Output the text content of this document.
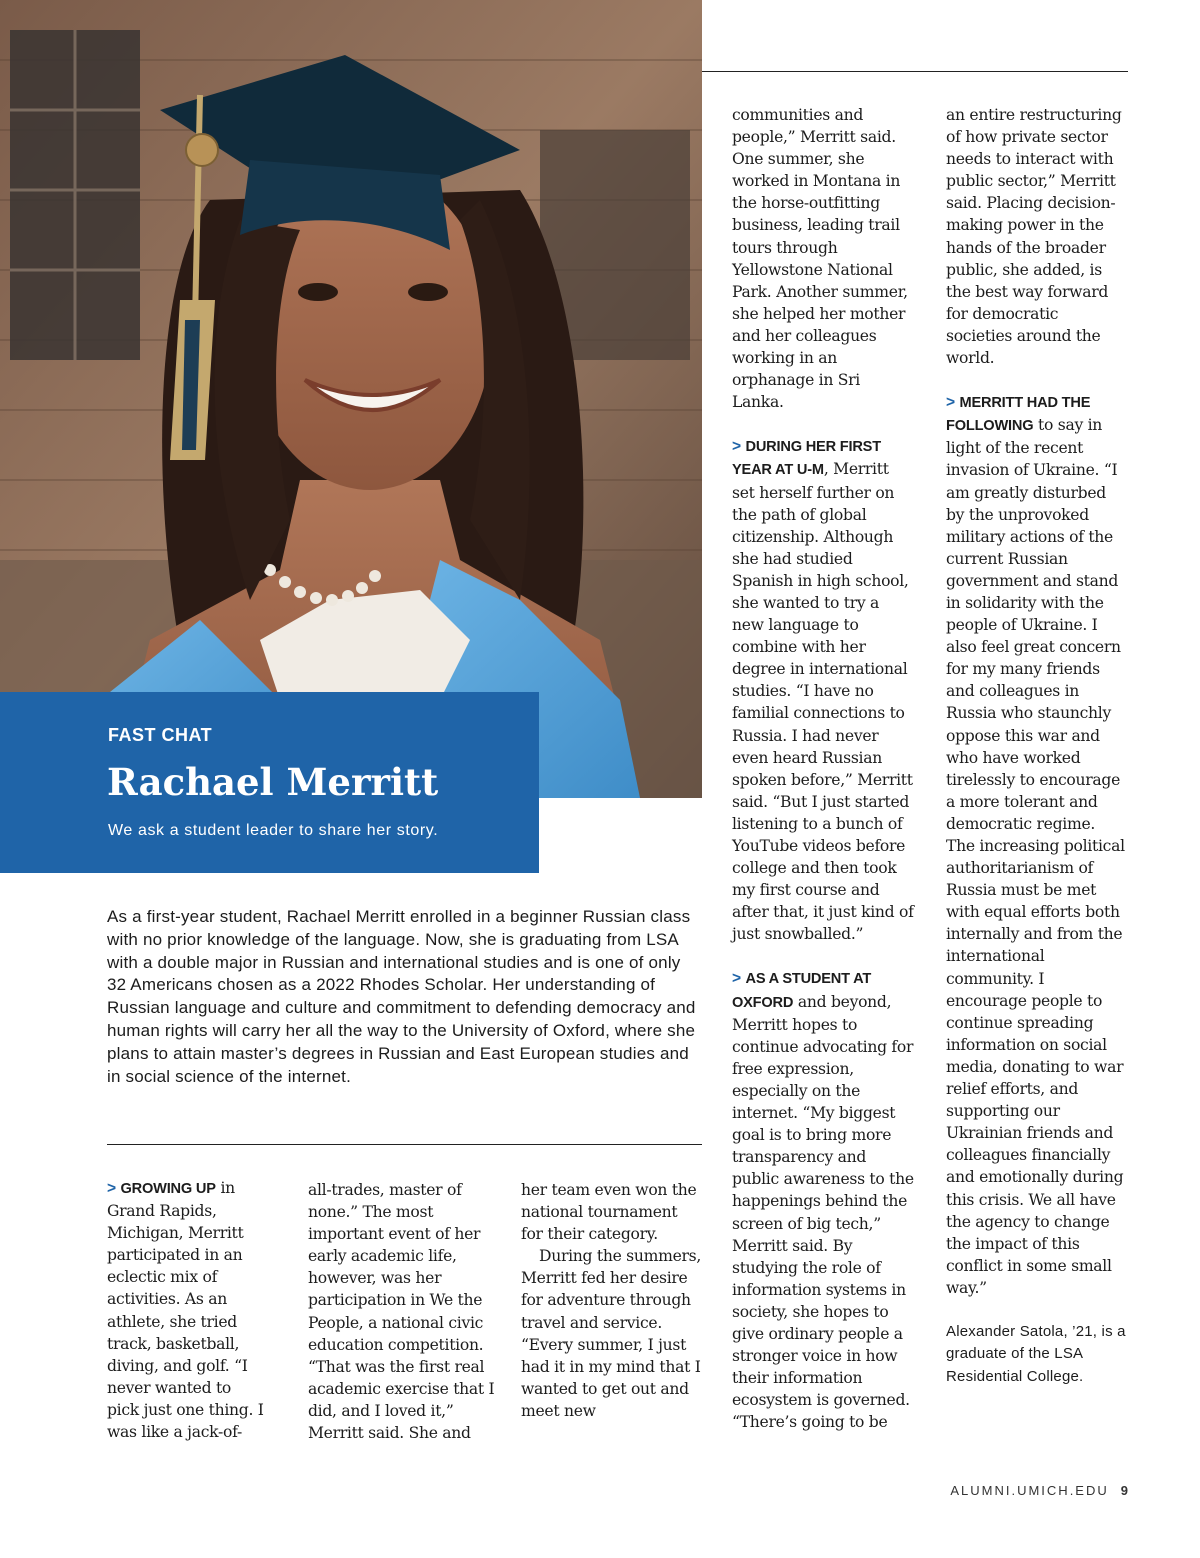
FAST CHAT
Rachael Merritt
We ask a student leader to share her story.

As a first-year student, Rachael Merritt enrolled in a beginner Russian class with no prior knowledge of the language. Now, she is graduating from LSA with a double major in Russian and international studies and is one of only 32 Americans chosen as a 2022 Rhodes Scholar. Her understanding of Russian language and culture and commitment to defending democracy and human rights will carry her all the way to the University of Oxford, where she plans to attain master’s degrees in Russian and East European studies and in social science of the internet.

> GROWING UP in Grand Rapids, Michigan, Merritt participated in an eclectic mix of activities. As an athlete, she tried track, basketball, diving, and golf. “I never wanted to pick just one thing. I was like a jack-of-

all-trades, master of none.” The most important event of her early academic life, however, was her participation in We the People, a national civic education competition. “That was the first real academic exercise that I did, and I loved it,” Merritt said. She and

her team even won the national tournament for their category.

During the summers, Merritt fed her desire for adventure through travel and service. “Every summer, I just had it in my mind that I wanted to get out and meet new

communities and people,” Merritt said. One summer, she worked in Montana in the horse-outfitting business, leading trail tours through Yellowstone National Park. Another summer, she helped her mother and her colleagues working in an orphanage in Sri Lanka.

> DURING HER FIRST YEAR AT U-M, Merritt set herself further on the path of global citizenship. Although she had studied Spanish in high school, she wanted to try a new language to combine with her degree in international studies. “I have no familial connections to Russia. I had never even heard Russian spoken before,” Merritt said. “But I just started listening to a bunch of YouTube videos before college and then took my first course and after that, it just kind of just snowballed.”

> AS A STUDENT AT OXFORD and beyond, Merritt hopes to continue advocating for free expression, especially on the internet. “My biggest goal is to bring more transparency and public awareness to the happenings behind the screen of big tech,” Merritt said. By studying the role of information systems in society, she hopes to give ordinary people a stronger voice in how their information ecosystem is governed. “There’s going to be

an entire restructuring of how private sector needs to interact with public sector,” Merritt said. Placing decision-making power in the hands of the broader public, she added, is the best way forward for democratic societies around the world.

> MERRITT HAD THE FOLLOWING to say in light of the recent invasion of Ukraine. “I am greatly disturbed by the unprovoked military actions of the current Russian government and stand in solidarity with the people of Ukraine. I also feel great concern for my many friends and colleagues in Russia who staunchly oppose this war and who have worked tirelessly to encourage a more tolerant and democratic regime. The increasing political authoritarianism of Russia must be met with equal efforts both internally and from the international community. I encourage people to continue spreading information on social media, donating to war relief efforts, and supporting our Ukrainian friends and colleagues financially and emotionally during this crisis. We all have the agency to change the impact of this conflict in some small way.”

Alexander Satola, ’21, is a graduate of the LSA Residential College.

ALUMNI.UMICH.EDU 9
